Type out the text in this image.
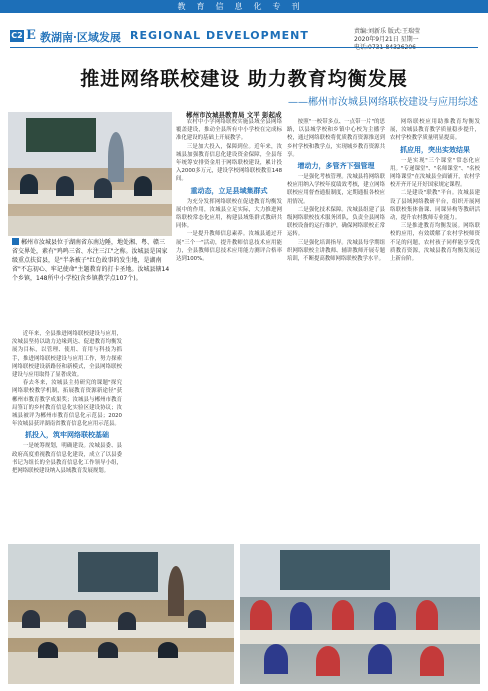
教育信息化专刊
C2 E 教湖南·区域发展 REGIONAL DEVELOPMENT	责编:刘新乐 版式:王瑞莹
2020年9月21日 星期一
推进网络联校建设 助力教育均衡发展
——郴州市汝城县网络联校建设与应用综述
郴州市汝城县教育局 文平 彭起成
郴州市汝城县位于湖南省东南边陲，地处湘、粤、赣三省交界处，素有"鸡鸣三省、水注三江"之称。汝城县是国家级重点扶贫县，是"半条被子"红色故事的发生地，是湖南省"不忘初心、牢记使命"主题教育的打卡圣地。汝城县辖14个乡镇，148所中小学校(含乡镇教学点107个)。

近年来，全县推进网络联校建设与应用，汝城县坚持以助力边缘到达、促进教育均衡发展为目标，以管理、使用、育用与科技为抓手，推进网络联校建设与应用工作，努力探索网络联校建设新路径和新模式，全县网络联校建设与应用取得了显著成效。

春去冬来，汝城县主持研究的课题"探究网络联校教学机制，拓展教育资源新途径"获郴州市教育教学成果奖；汝城县与郴州市教育局签订的乡村教育信息化实验区建设协议；汝城县被评为郴州市教育信息化示范县；2020年汝城县获评湖南省教育信息化应用示范县。

抓投入，筑牢网络联校基础

一是统筹规划，明确建设。汝城县委、县政府高度重视教育信息化建设，成立了以县委书记为组长的全县教育信息化工作领导小组，把网络联校建设纳入县域教育发展规划。

农村中小学网络联校实施县域全县网络覆盖建设，推动全县所有中小学校在完成标准化建设的基础上开展教学。

三是加大投入，保障到位。近年来，汝城县加强教育信息化建设资金保障，全县每年统筹安排资金用于网络联校建设，累计投入2000多万元，建设学校网络联校教室148间。

重动态，立足县域集群式

为充分发挥网络联校在促进教育均衡发展中的作用，汝城县立足实际，大力推进网络联校常态化应用，构建县域集群式教研共同体。

一是提升教师信息素养。汝城县通过开展"三个一"活动，提升教师信息技术应用能力，全县教师信息技术应用能力测评合格率达到100%。

按照"一校带多点、一点带一片"的思路，以县城学校和乡镇中心校为主播学校，通过网络联校将优质教育资源推送到乡村学校和教学点，实现城乡教育资源共享。

增动力，多管齐下强管理

一是强化考核管理。汝城县将网络联校应用纳入学校年度绩效考核，建立网络联校应用督查通报制度，定期通报各校应用情况。

二是强化技术保障。汝城县组建了县级网络联校技术服务团队，负责全县网络联校设备的运行维护，确保网络联校正常运转。

三是强化培训指导。汝城县每学期组织网络联校主讲教师、辅讲教师开展专题培训，不断提高教师网络联校教学水平。

网络联校应用助推教育均衡发展，汝城县教育教学质量稳步提升，农村学校教学质量明显提高。

抓应用，突出实效结果

一是实现"三个课堂"常态化应用。"专递课堂"、"名师课堂"、"名校网络课堂"在汝城县全面铺开，农村学校开齐开足开好国家规定课程。

二是建设"联教"平台。汝城县建设了县域网络教研平台，组织开展网络联校集体备课、同课异构等教研活动，提升农村教师专业能力。

三是推进教育均衡发展。网络联校的应用，有效缓解了农村学校师资不足的问题，农村孩子同样能享受优质教育资源，汝城县教育均衡发展迈上新台阶。
